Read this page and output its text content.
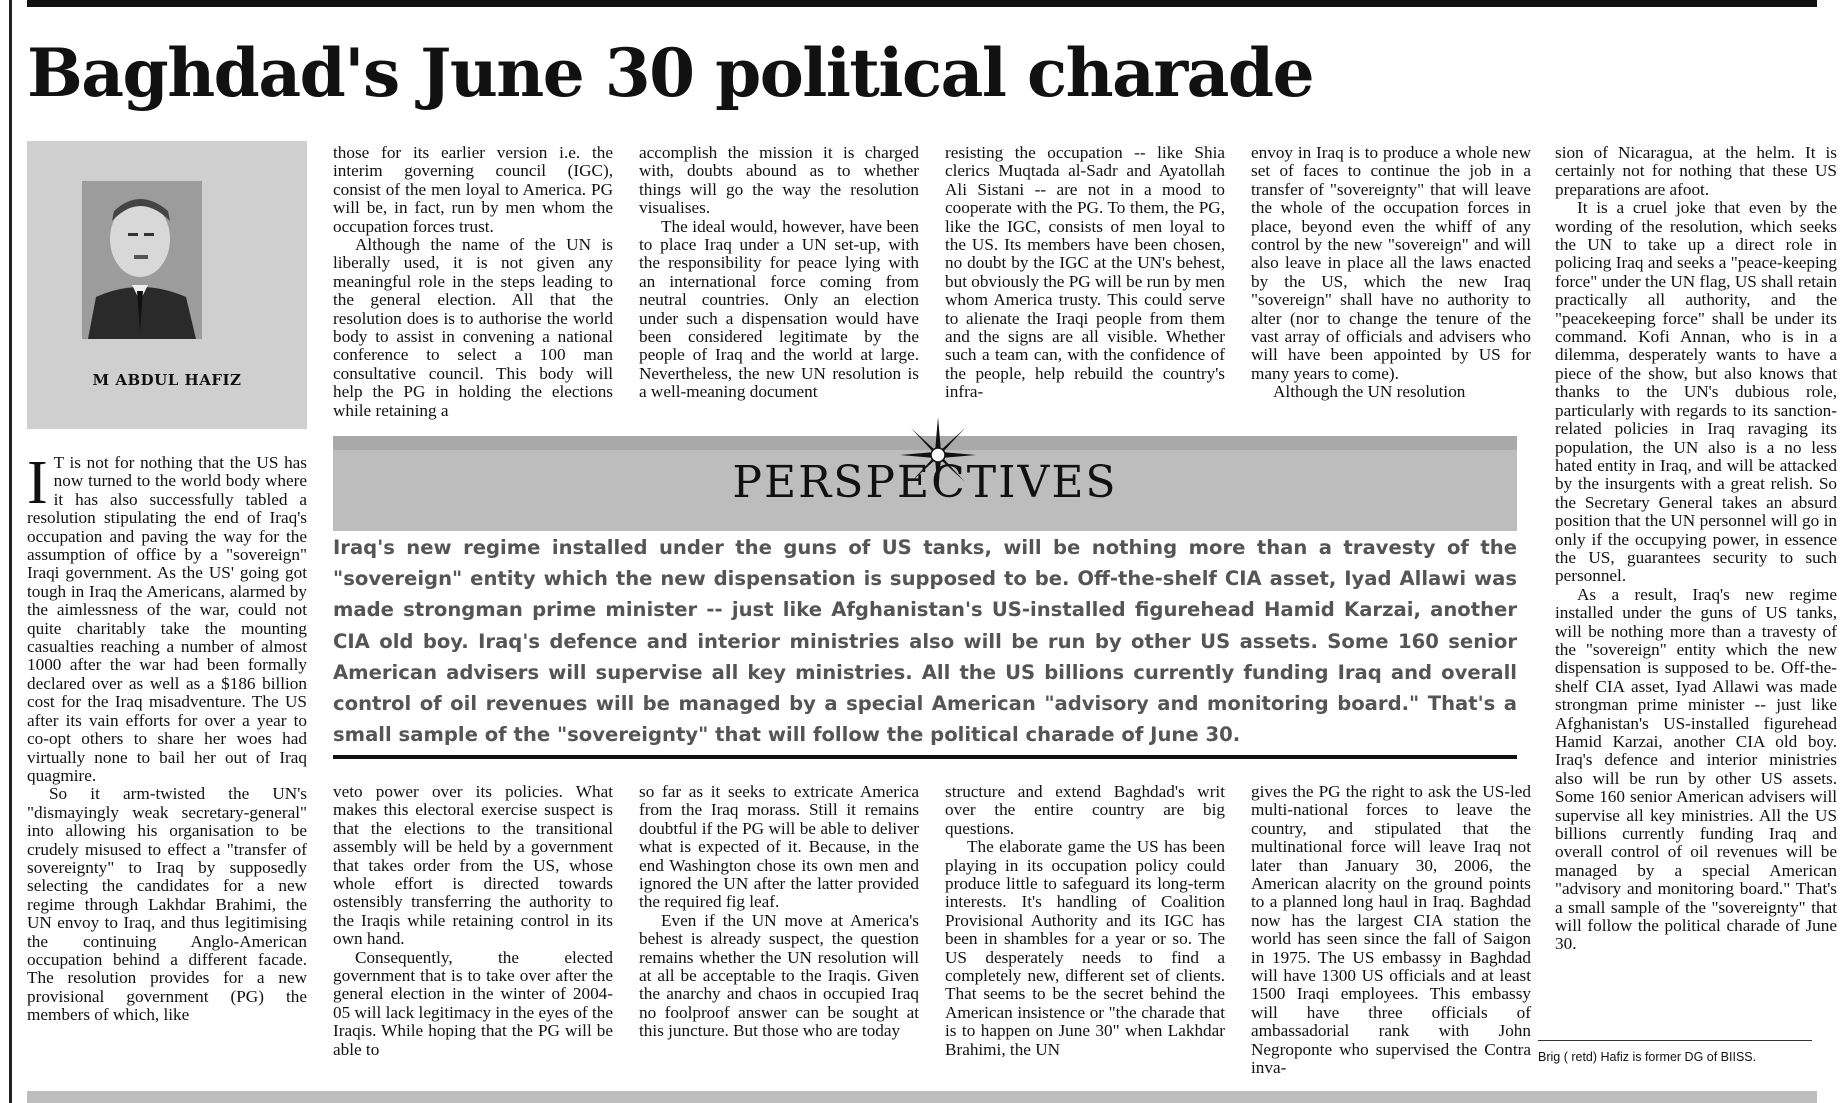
Baghdad's June 30 political charade
M ABDUL HAFIZ

I T is not for nothing that the US has now turned to the world body where it has also successfully tabled a resolution stipulating the end of Iraq's occupation and paving the way for the assumption of office by a "sovereign" Iraqi government. As the US' going got tough in Iraq the Americans, alarmed by the aimlessness of the war, could not quite charitably take the mounting casualties reaching a number of almost 1000 after the war had been formally declared over as well as a $186 billion cost for the Iraq misadventure. The US after its vain efforts for over a year to co-opt others to share her woes had virtually none to bail her out of Iraq quagmire.

So it arm-twisted the UN's "dismayingly weak secretary-general" into allowing his organisation to be crudely misused to effect a "transfer of sovereignty" to Iraq by supposedly selecting the candidates for a new regime through Lakhdar Brahimi, the UN envoy to Iraq, and thus legitimising the continuing Anglo-American occupation behind a different facade. The resolution provides for a new provisional government (PG) the members of which, like

those for its earlier version i.e. the interim governing council (IGC), consist of the men loyal to America. PG will be, in fact, run by men whom the occupation forces trust.

Although the name of the UN is liberally used, it is not given any meaningful role in the steps leading to the general election. All that the resolution does is to authorise the world body to assist in convening a national conference to select a 100 man consultative council. This body will help the PG in holding the elections while retaining a

accomplish the mission it is charged with, doubts abound as to whether things will go the way the resolution visualises.

The ideal would, however, have been to place Iraq under a UN set-up, with the responsibility for peace lying with an international force coming from neutral countries. Only an election under such a dispensation would have been considered legitimate by the people of Iraq and the world at large. Nevertheless, the new UN resolution is a well-meaning document

resisting the occupation -- like Shia clerics Muqtada al-Sadr and Ayatollah Ali Sistani -- are not in a mood to cooperate with the PG. To them, the PG, like the IGC, consists of men loyal to the US. Its members have been chosen, no doubt by the IGC at the UN's behest, but obviously the PG will be run by men whom America trusty. This could serve to alienate the Iraqi people from them and the signs are all visible. Whether such a team can, with the confidence of the people, help rebuild the country's infra-

envoy in Iraq is to produce a whole new set of faces to continue the job in a transfer of "sovereignty" that will leave the whole of the occupation forces in place, beyond even the whiff of any control by the new "sovereign" and will also leave in place all the laws enacted by the US, which the new Iraq "sovereign" shall have no authority to alter (nor to change the tenure of the vast array of officials and advisers who will have been appointed by US for many years to come).

Although the UN resolution

sion of Nicaragua, at the helm. It is certainly not for nothing that these US preparations are afoot.

It is a cruel joke that even by the wording of the resolution, which seeks the UN to take up a direct role in policing Iraq and seeks a "peace-keeping force" under the UN flag, US shall retain practically all authority, and the "peacekeeping force" shall be under its command. Kofi Annan, who is in a dilemma, desperately wants to have a piece of the show, but also knows that thanks to the UN's dubious role, particularly with regards to its sanction-related policies in Iraq ravaging its population, the UN also is a no less hated entity in Iraq, and will be attacked by the insurgents with a great relish. So the Secretary General takes an absurd position that the UN personnel will go in only if the occupying power, in essence the US, guarantees security to such personnel.

As a result, Iraq's new regime installed under the guns of US tanks, will be nothing more than a travesty of the "sovereign" entity which the new dispensation is supposed to be. Off-the-shelf CIA asset, Iyad Allawi was made strongman prime minister -- just like Afghanistan's US-installed figurehead Hamid Karzai, another CIA old boy. Iraq's defence and interior ministries also will be run by other US assets. Some 160 senior American advisers will supervise all key ministries. All the US billions currently funding Iraq and overall control of oil revenues will be managed by a special American "advisory and monitoring board." That's a small sample of the "sovereignty" that will follow the political charade of June 30.

PERSPECTIVES
Iraq's new regime installed under the guns of US tanks, will be nothing more than a travesty of the "sovereign" entity which the new dispensation is supposed to be. Off-the-shelf CIA asset, Iyad Allawi was made strongman prime minister -- just like Afghanistan's US-installed figurehead Hamid Karzai, another CIA old boy. Iraq's defence and interior ministries also will be run by other US assets. Some 160 senior American advisers will supervise all key ministries. All the US billions currently funding Iraq and overall control of oil revenues will be managed by a special American "advisory and monitoring board." That's a small sample of the "sovereignty" that will follow the political charade of June 30.

veto power over its policies. What makes this electoral exercise suspect is that the elections to the transitional assembly will be held by a government that takes order from the US, whose whole effort is directed towards ostensibly transferring the authority to the Iraqis while retaining control in its own hand.

Consequently, the elected government that is to take over after the general election in the winter of 2004-05 will lack legitimacy in the eyes of the Iraqis. While hoping that the PG will be able to

so far as it seeks to extricate America from the Iraq morass. Still it remains doubtful if the PG will be able to deliver what is expected of it. Because, in the end Washington chose its own men and ignored the UN after the latter provided the required fig leaf.

Even if the UN move at America's behest is already suspect, the question remains whether the UN resolution will at all be acceptable to the Iraqis. Given the anarchy and chaos in occupied Iraq no foolproof answer can be sought at this juncture. But those who are today

structure and extend Baghdad's writ over the entire country are big questions.

The elaborate game the US has been playing in its occupation policy could produce little to safeguard its long-term interests. It's handling of Coalition Provisional Authority and its IGC has been in shambles for a year or so. The US desperately needs to find a completely new, different set of clients. That seems to be the secret behind the American insistence or "the charade that is to happen on June 30" when Lakhdar Brahimi, the UN

gives the PG the right to ask the US-led multi-national forces to leave the country, and stipulated that the multinational force will leave Iraq not later than January 30, 2006, the American alacrity on the ground points to a planned long haul in Iraq. Baghdad now has the largest CIA station the world has seen since the fall of Saigon in 1975. The US embassy in Baghdad will have 1300 US officials and at least 1500 Iraqi employees. This embassy will have three officials of ambassadorial rank with John Negroponte who supervised the Contra inva-

Brig ( retd) Hafiz is former DG of BIISS.
